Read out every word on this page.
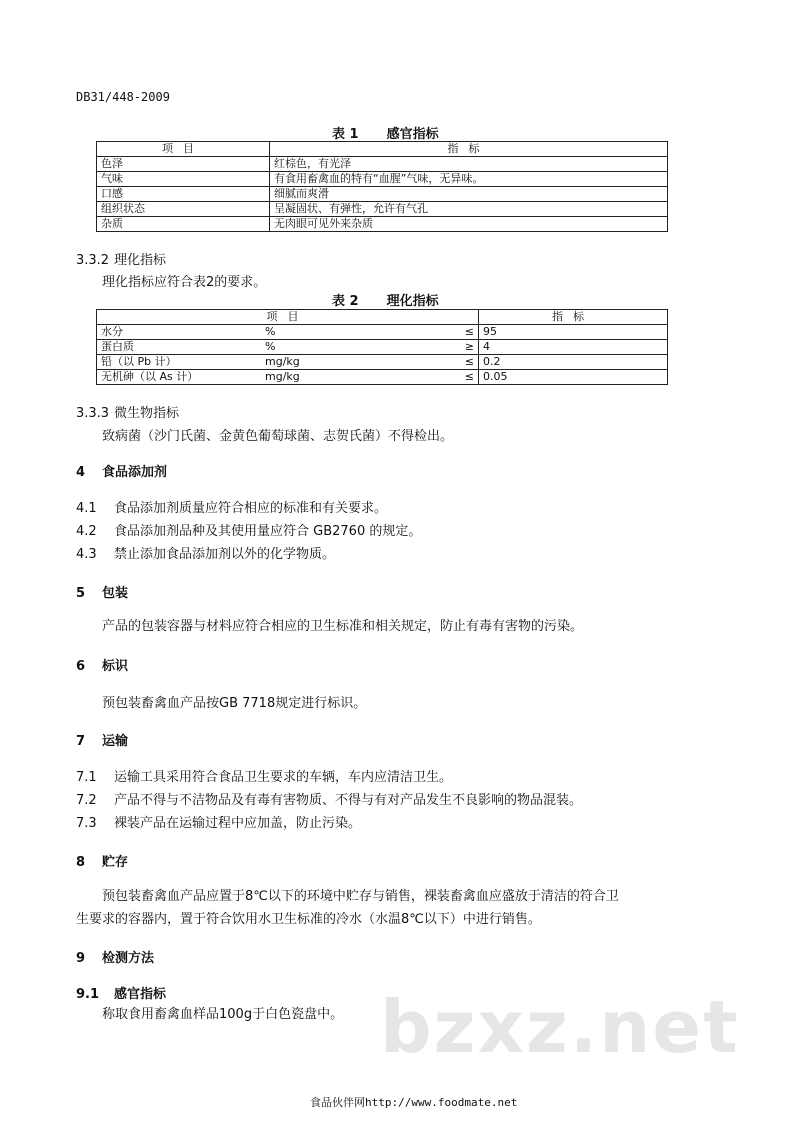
DB31/448-2009
表 1 感官指标
项目	指标
色泽	红棕色，有光泽
气味	有食用畜禽血的特有“血腥”气味，无异味。
口感	细腻而爽滑
组织状态	呈凝固状、有弹性，允许有气孔
杂质	无肉眼可见外来杂质
3.3.2 理化指标
理化指标应符合表2的要求。
表 2 理化指标
项目			指标
水分	%	≤	95
蛋白质	%	≥	4
铅（以 Pb 计）	mg/kg	≤	0.2
无机砷（以 As 计）	mg/kg	≤	0.05
3.3.3 微生物指标
致病菌（沙门氏菌、金黄色葡萄球菌、志贺氏菌）不得检出。
4 食品添加剂
4.1 食品添加剂质量应符合相应的标准和有关要求。
4.2 食品添加剂品种及其使用量应符合 GB2760 的规定。
4.3 禁止添加食品添加剂以外的化学物质。
5 包装
产品的包装容器与材料应符合相应的卫生标准和相关规定，防止有毒有害物的污染。
6 标识
预包装畜禽血产品按GB 7718规定进行标识。
7 运输
7.1 运输工具采用符合食品卫生要求的车辆，车内应清洁卫生。
7.2 产品不得与不洁物品及有毒有害物质、不得与有对产品发生不良影响的物品混装。
7.3 裸装产品在运输过程中应加盖，防止污染。
8 贮存
预包装畜禽血产品应置于8℃以下的环境中贮存与销售，裸装畜禽血应盛放于清洁的符合卫
生要求的容器内，置于符合饮用水卫生标准的冷水（水温8℃以下）中进行销售。
9 检测方法
9.1 感官指标
称取食用畜禽血样品100g于白色瓷盘中。 bzxz.net
食品伙伴网http://www.foodmate.net
